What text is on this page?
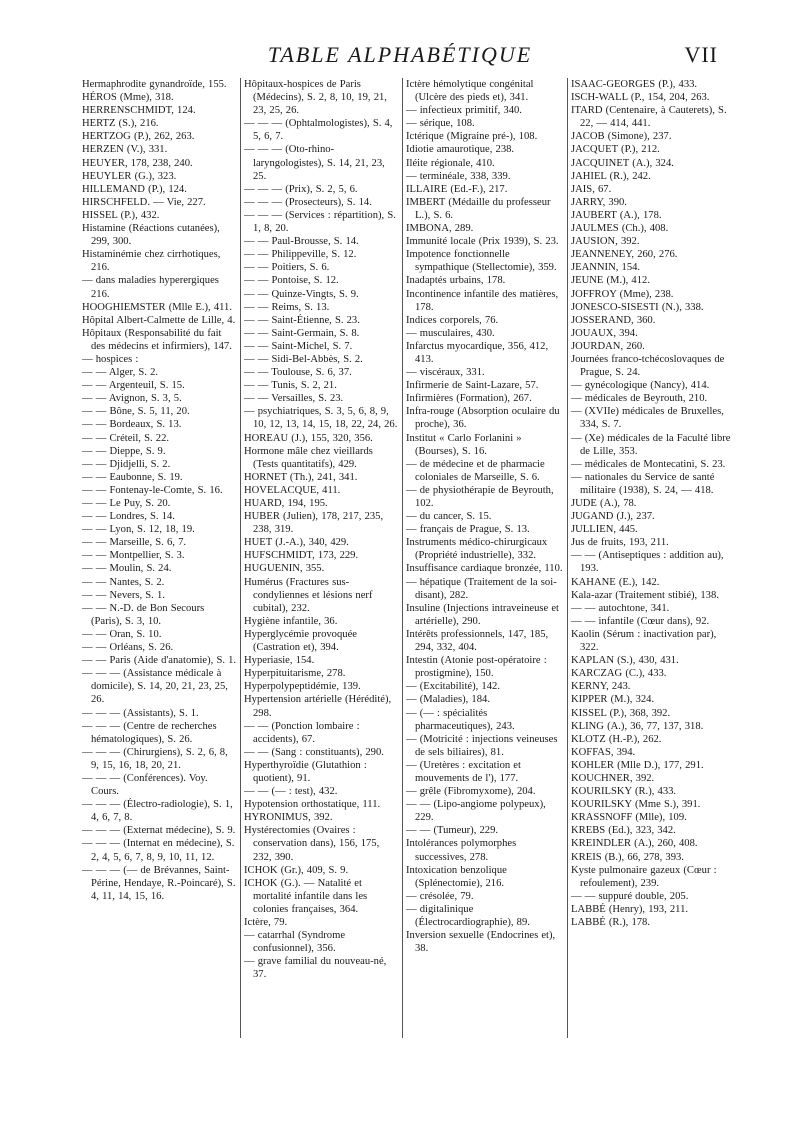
TABLE ALPHABÉTIQUE	VII

Hermaphrodite gynandroïde, 155.

HÉROS (Mme), 318.

HERRENSCHMIDT, 124.

HERTZ (S.), 216.

HERTZOG (P.), 262, 263.

HERZEN (V.), 331.

HEUYER, 178, 238, 240.

HEUYLER (G.), 323.

HILLEMAND (P.), 124.

HIRSCHFELD. — Vie, 227.

HISSEL (P.), 432.

Histamine (Réactions cutanées), 299, 300.

Histaminémie chez cirrhotiques, 216.

— dans maladies hyperergiques 216.

HOOGHIEMSTER (Mlle E.), 411.

Hôpital Albert-Calmette de Lille, 4.

Hôpitaux (Responsabilité du fait des médecins et infirmiers), 147.

— hospices :

— — Alger, S. 2.

— — Argenteuil, S. 15.

— — Avignon, S. 3, 5.

— — Bône, S. 5, 11, 20.

— — Bordeaux, S. 13.

— — Créteil, S. 22.

— — Dieppe, S. 9.

— — Djidjelli, S. 2.

— — Eaubonne, S. 19.

— — Fontenay-le-Comte, S. 16.

— — Le Puy, S. 20.

— — Londres, S. 14.

— — Lyon, S. 12, 18, 19.

— — Marseille, S. 6, 7.

— — Montpellier, S. 3.

— — Moulin, S. 24.

— — Nantes, S. 2.

— — Nevers, S. 1.

— — N.-D. de Bon Secours (Paris), S. 3, 10.

— — Oran, S. 10.

— — Orléans, S. 26.

— — Paris (Aide d'anatomie), S. 1.

— — — (Assistance médicale à domicile), S. 14, 20, 21, 23, 25, 26.

— — — (Assistants), S. 1.

— — — (Centre de recherches hématologiques), S. 26.

— — — (Chirurgiens), S. 2, 6, 8, 9, 15, 16, 18, 20, 21.

— — — (Conférences). Voy. Cours.

— — — (Électro-radiologie), S. 1, 4, 6, 7, 8.

— — — (Externat médecine), S. 9.

— — — (Internat en médecine), S. 2, 4, 5, 6, 7, 8, 9, 10, 11, 12.

— — — (— de Brévannes, Saint-Périne, Hendaye, R.-Poincaré), S. 4, 11, 14, 15, 16.

Hôpitaux-hospices de Paris (Médecins), S. 2, 8, 10, 19, 21, 23, 25, 26.

— — — (Ophtalmologistes), S. 4, 5, 6, 7.

— — — (Oto-rhino-laryngologistes), S. 14, 21, 23, 25.

— — — (Prix), S. 2, 5, 6.

— — — (Prosecteurs), S. 14.

— — — (Services : répartition), S. 1, 8, 20.

— — Paul-Brousse, S. 14.

— — Philippeville, S. 12.

— — Poitiers, S. 6.

— — Pontoise, S. 12.

— — Quinze-Vingts, S. 9.

— — Reims, S. 13.

— — Saint-Étienne, S. 23.

— — Saint-Germain, S. 8.

— — Saint-Michel, S. 7.

— — Sidi-Bel-Abbès, S. 2.

— — Toulouse, S. 6, 37.

— — Tunis, S. 2, 21.

— — Versailles, S. 23.

— psychiatriques, S. 3, 5, 6, 8, 9, 10, 12, 13, 14, 15, 18, 22, 24, 26.

HOREAU (J.), 155, 320, 356.

Hormone mâle chez vieillards (Tests quantitatifs), 429.

HORNET (Th.), 241, 341.

HOVELACQUE, 411.

HUARD, 194, 195.

HUBER (Julien), 178, 217, 235, 238, 319.

HUET (J.-A.), 340, 429.

HUFSCHMIDT, 173, 229.

HUGUENIN, 355.

Humérus (Fractures sus-condyliennes et lésions nerf cubital), 232.

Hygiène infantile, 36.

Hyperglycémie provoquée (Castration et), 394.

Hyperiasie, 154.

Hyperpituitarisme, 278.

Hyperpolypeptidémie, 139.

Hypertension artérielle (Hérédité), 298.

— — (Ponction lombaire : accidents), 67.

— — (Sang : constituants), 290.

Hyperthyroïdie (Glutathion : quotient), 91.

— — (— : test), 432.

Hypotension orthostatique, 111.

HYRONIMUS, 392.

Hystérectomies (Ovaires : conservation dans), 156, 175, 232, 390.

ICHOK (Gr.), 409, S. 9.

ICHOK (G.). — Natalité et mortalité infantile dans les colonies françaises, 364.

Ictère, 79.

— catarrhal (Syndrome confusionnel), 356.

— grave familial du nouveau-né, 37.

Ictère hémolytique congénital (Ulcère des pieds et), 341.

— infectieux primitif, 340.

— sérique, 108.

Ictérique (Migraine pré-), 108.

Idiotie amaurotique, 238.

Iléite régionale, 410.

— terminéale, 338, 339.

ILLAIRE (Ed.-F.), 217.

IMBERT (Médaille du professeur L.), S. 6.

IMBONA, 289.

Immunité locale (Prix 1939), S. 23.

Impotence fonctionnelle sympathique (Stellectomie), 359.

Inadaptés urbains, 178.

Incontinence infantile des matières, 178.

Indices corporels, 76.

— musculaires, 430.

Infarctus myocardique, 356, 412, 413.

— viscéraux, 331.

Infirmerie de Saint-Lazare, 57.

Infirmières (Formation), 267.

Infra-rouge (Absorption oculaire du proche), 36.

Institut « Carlo Forlanini » (Bourses), S. 16.

— de médecine et de pharmacie coloniales de Marseille, S. 6.

— de physiothérapie de Beyrouth, 102.

— du cancer, S. 15.

— français de Prague, S. 13.

Instruments médico-chirurgicaux (Propriété industrielle), 332.

Insuffisance cardiaque bronzée, 110.

— hépatique (Traitement de la soi-disant), 282.

Insuline (Injections intraveineuse et artérielle), 290.

Intérêts professionnels, 147, 185, 294, 332, 404.

Intestin (Atonie post-opératoire : prostigmine), 150.

— (Excitabilité), 142.

— (Maladies), 184.

— (— : spécialités pharmaceutiques), 243.

— (Motricité : injections veineuses de sels biliaires), 81.

— (Uretères : excitation et mouvements de l'), 177.

— grêle (Fibromyxome), 204.

— — (Lipo-angiome polypeux), 229.

— — (Tumeur), 229.

Intolérances polymorphes successives, 278.

Intoxication benzolique (Splénectomie), 216.

— crésolée, 79.

— digitalinique (Électrocardiographie), 89.

Inversion sexuelle (Endocrines et), 38.

ISAAC-GEORGES (P.), 433.

ISCH-WALL (P., 154, 204, 263.

ITARD (Centenaire, à Cauterets), S. 22, — 414, 441.

JACOB (Simone), 237.

JACQUET (P.), 212.

JACQUINET (A.), 324.

JAHIEL (R.), 242.

JAIS, 67.

JARRY, 390.

JAUBERT (A.), 178.

JAULMES (Ch.), 408.

JAUSION, 392.

JEANNENEY, 260, 276.

JEANNIN, 154.

JEUNE (M.), 412.

JOFFROY (Mme), 238.

JONESCO-SISESTI (N.), 338.

JOSSERAND, 360.

JOUAUX, 394.

JOURDAN, 260.

Journées franco-tchécoslovaques de Prague, S. 24.

— gynécologique (Nancy), 414.

— médicales de Beyrouth, 210.

— (XVIIe) médicales de Bruxelles, 334, S. 7.

— (Xe) médicales de la Faculté libre de Lille, 353.

— médicales de Montecatini, S. 23.

— nationales du Service de santé militaire (1938), S. 24, — 418.

JUDE (A.), 78.

JUGAND (J.), 237.

JULLIEN, 445.

Jus de fruits, 193, 211.

— — (Antiseptiques : addition au), 193.

KAHANE (E.), 142.

Kala-azar (Traitement stibié), 138.

— — autochtone, 341.

— — infantile (Cœur dans), 92.

Kaolin (Sérum : inactivation par), 322.

KAPLAN (S.), 430, 431.

KARCZAG (C.), 433.

KERNY, 243.

KIPPER (M.), 324.

KISSEL (P.), 368, 392.

KLING (A.), 36, 77, 137, 318.

KLOTZ (H.-P.), 262.

KOFFAS, 394.

KOHLER (Mlle D.), 177, 291.

KOUCHNER, 392.

KOURILSKY (R.), 433.

KOURILSKY (Mme S.), 391.

KRASSNOFF (Mlle), 109.

KREBS (Ed.), 323, 342.

KREINDLER (A.), 260, 408.

KREIS (B.), 66, 278, 393.

Kyste pulmonaire gazeux (Cœur : refoulement), 239.

— — suppuré double, 205.

LABBÉ (Henry), 193, 211.

LABBÉ (R.), 178.
